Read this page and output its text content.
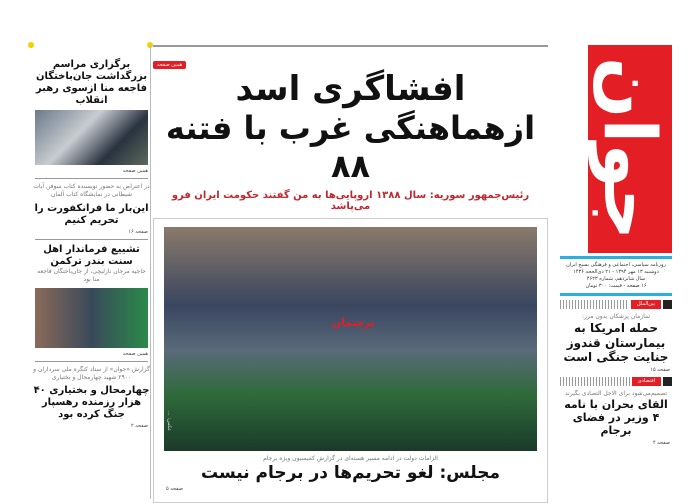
برگزاری مراسم بزرگداشت جان‌باختگان فاجعه منا ازسوی رهبر انقلاب
همین صفحه
در اعتراض به حضور نویسنده کتاب سوفن آیات شیطانی در نمایشگاه کتاب آلمان
این‌بار ما فرانکفورت را تحریم کنیم
صفحه ۱۶
تشییع فرماندار اهل سنت بندر ترکمن
حاجیه مرجان نازلیچی، از جان‌باختگان فاجعه منا بود
همین صفحه
گزارش «جوان» از ستاد کنگره ملی سرداران و ۲۹۰۰ شهید چهارمحال و بختیاری
چهارمحال و بختیاری ۴۰ هزار رزمنده رهسپار جنگ کرده بود
صفحه ۲
همین صفحه
افشاگری اسد
ازهماهنگی غرب با فتنه ۸۸
رئیس‌جمهور سوریه: سال ۱۳۸۸ اروپایی‌ها به من گفتند حکومت ایران فرو می‌پاشد
پرسمان
عکس: ...
الزامات دولت در ادامه مسیر هسته‌ای در گزارش کمیسیون ویژه برجام
مجلس: لغو تحریم‌ها در برجام نیست
صفحه ۵
جوان
روزنامه سیاسی، اجتماعی و فرهنگی بسیج ایران
دوشنبه ۱۳ مهر ۱۳۹۴ - ۲۱ ذی‌الحجه ۱۴۳۶
سال شانزدهم، شماره ۴۶۲۳
۱۶ صفحه - قیمت: ۳۰۰ تومان
بین‌الملل
سازمان پزشکان بدون مرز:
حمله امریکا به بیمارستان قندوز جنایت جنگی است
صفحه ۱۵
اقتصادی
تصمیم‌می‌شود برای الاجل التصادی بگیرند
القای بحران با نامه ۴ وزیر در فضای برجام
صفحه ۴
